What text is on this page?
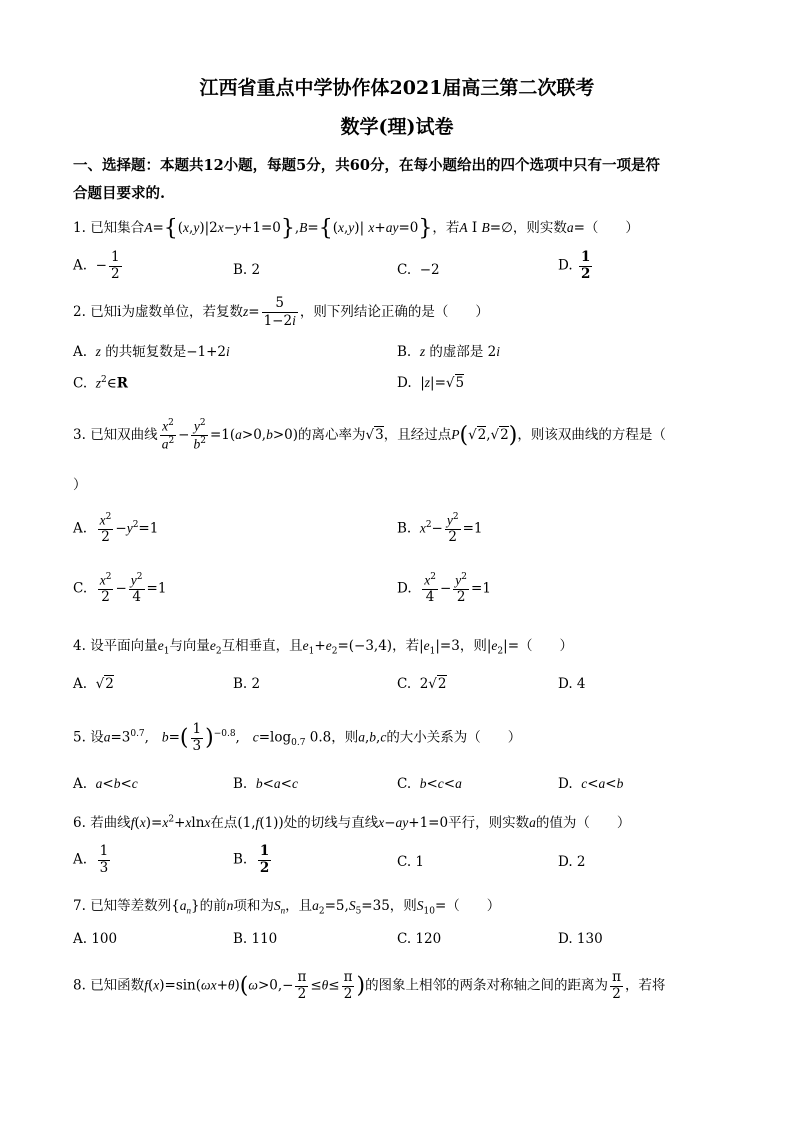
江西省重点中学协作体2021届高三第二次联考
数学(理)试卷
一、选择题：本题共12小题，每题5分，共60分，在每小题给出的四个选项中只有一项是符
合题目要求的.
1. 已知集合A={(x,y)|2x−y+1=0},B={(x,y)| x+ay=0}，若A I B=∅，则实数a=（　　）
A.  − $\frac{1}{2}$	B. 2	C.  −2	D. $\frac{1}{2}$
2. 已知i为虚数单位，若复数$z= \frac{5}{1-2i}$ ，则下列结论正确的是（　　）
A. z 的共轭复数是−1+2i	B. z 的虚部是 2i
C. $z^2\in R$	D.  |z|=√5
3. 已知双曲线 $\frac{x^2}{a^2} - \frac{y^2}{b^2} =1(a>0,b>0)$的离心率为√3，且经过点P(√2,√2)，则该双曲线的方程是（
）
A. $\frac{x^2}{2} -y^2=1$	B. $x^2- \frac{y^2}{2} =1$
C. $\frac{x^2}{2} - \frac{y^2}{4} =1$	D. $\frac{x^2}{4} - \frac{y^2}{2} =1$
4. 设平面向量$e_1$与向量$e_2$互相垂直，且$e_1+e_2=(-3,4)$，若$|e_1|=3$，则$|e_2|=$（　　）
A.  √2	B. 2	C.  2√2	D. 4
5. 设$a=3^{0.7}$,   $b=( \frac{1}{3} )^{-0.8}$,   $c=\log_{0.7}$ 0.8，则a,b,c的大小关系为（　　）
A. a<b<c	B. b<a<c	C. b<c<a	D. c<a<b
6. 若曲线$f(x)=x^2+xlnx$在点(1,f(1))处的切线与直线x−ay+1=0平行，则实数a的值为（　　）
A. $\frac{1}{3}$	B. $\frac{1}{2}$	C. 1	D. 2
7. 已知等差数列$\{a_n\}$的前n项和为$S_n$，且$a_2=5,S_5=35$，则$S_{10}=$（　　）
A. 100	B. 110	C. 120	D. 130
8. 已知函数$f(x)=\sin(\omega x+\theta)(\omega>0,- \frac{\pi}{2} \le\theta\le \frac{\pi}{2}$ )的图象上相邻的两条对称轴之间的距离为 $\frac{\pi}{2}$ ，若将
